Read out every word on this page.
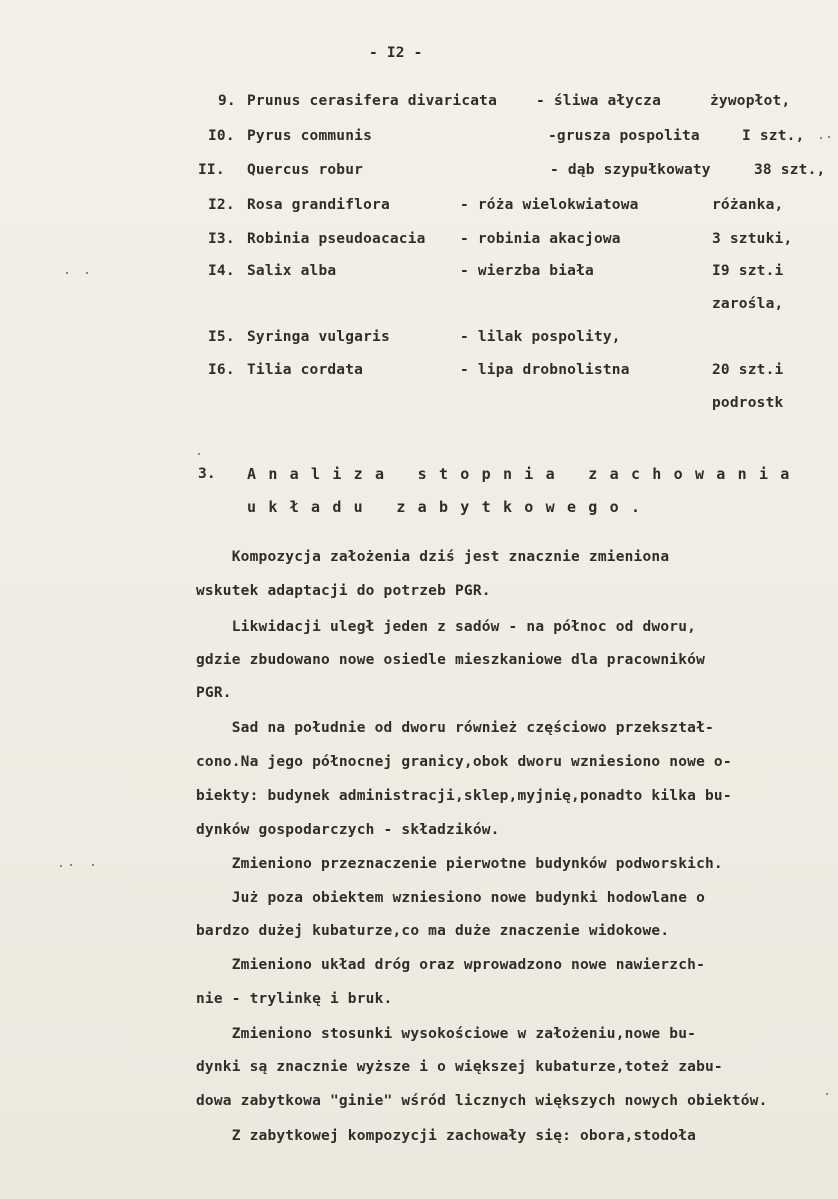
- I2 -
9. Prunus cerasifera divaricata	- śliwa ałycza	żywopłot,
I0. Pyrus communis	-grusza pospolita	I szt.,
II. Quercus robur	- dąb szypułkowaty	38 szt.,
I2. Rosa grandiflora	- róża wielokwiatowa	różanka,
I3. Robinia pseudoacacia - robinia akacjowa	3 sztuki,
I4. Salix alba	- wierzba biała	I9 szt.i
zarośla,
I5. Syringa vulgaris	- lilak pospolity,
I6. Tilia cordata	- lipa drobnolistna	20 szt.i
podrostk
3. Analiza stopnia zachowania
układu zabytkowego.
Kompozycja założenia dziś jest znacznie zmieniona
wskutek adaptacji do potrzeb PGR.
Likwidacji uległ jeden z sadów - na północ od dworu,
gdzie zbudowano nowe osiedle mieszkaniowe dla pracowników
PGR.
Sad na południe od dworu również częściowo przekształ-
cono.Na jego północnej granicy,obok dworu wzniesiono nowe o-
biekty: budynek administracji,sklep,myjnię,ponadto kilka bu-
dynków gospodarczych - składzików.
Zmieniono przeznaczenie pierwotne budynków podworskich.
Już poza obiektem wzniesiono nowe budynki hodowlane o
bardzo dużej kubaturze,co ma duże znaczenie widokowe.
Zmieniono układ dróg oraz wprowadzono nowe nawierzch-
nie - trylinkę i bruk.
Zmieniono stosunki wysokościowe w założeniu,nowe bu-
dynki są znacznie wyższe i o większej kubaturze,toteż zabu-
dowa zabytkowa "ginie" wśród licznych większych nowych obiektów.
Z zabytkowej kompozycji zachowały się: obora,stodoła
